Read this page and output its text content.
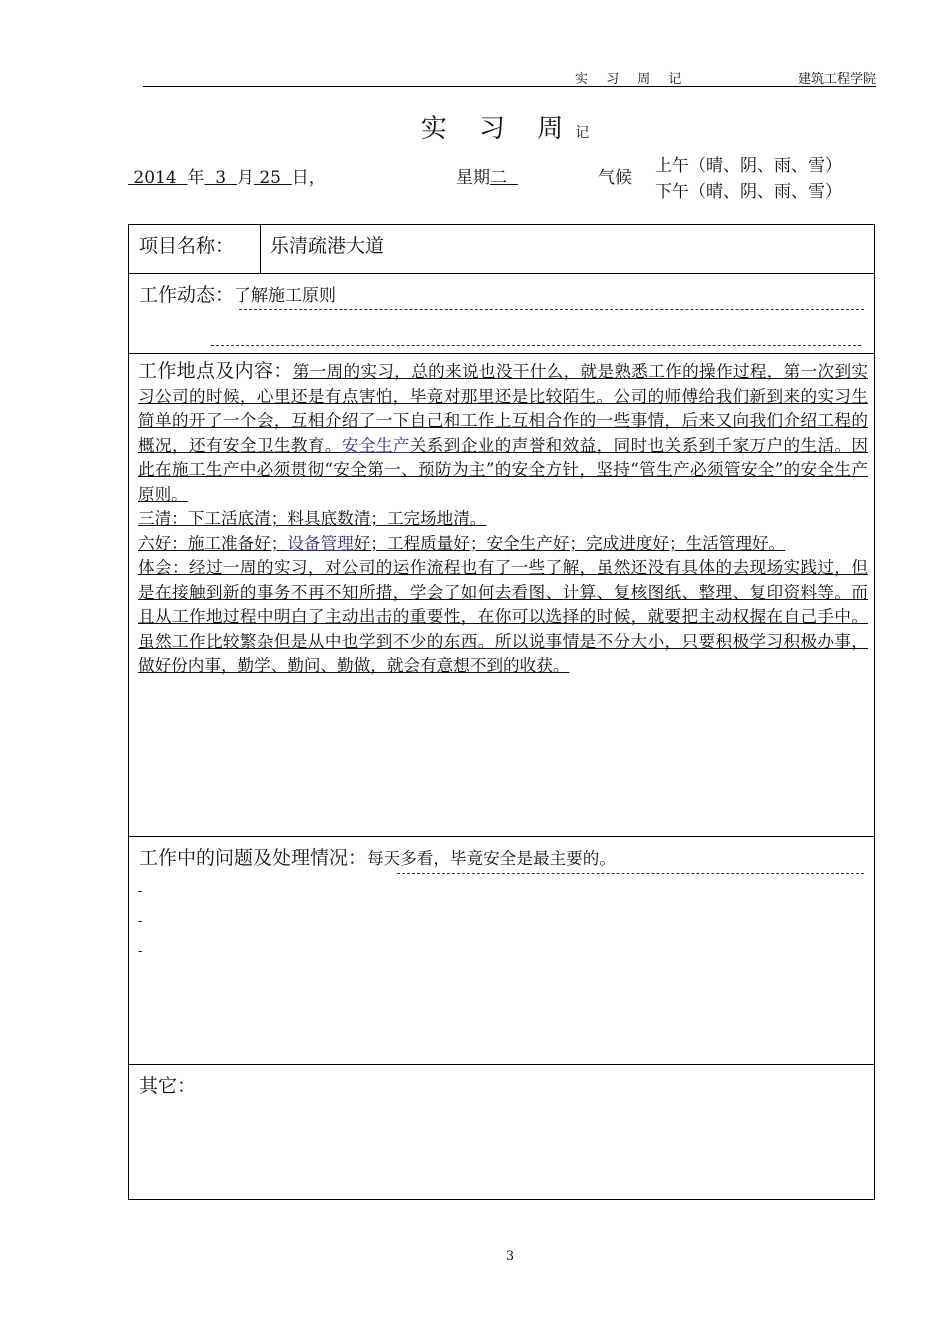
实 习 周 记	建筑工程学院
实 习 周记
2014 年 3 月 25 日，	星期二	气候
上午（晴、阴、雨、雪）
下午（晴、阴、雨、雪）
项目名称： 乐清疏港大道
工作动态：了解施工原则

工作地点及内容：第一周的实习，总的来说也没干什么，就是熟悉工作的操作过程，第一次到实习公司的时候，心里还是有点害怕，毕竟对那里还是比较陌生。公司的师傅给我们新到来的实习生简单的开了一个会，互相介绍了一下自己和工作上互相合作的一些事情，后来又向我们介绍工程的概况，还有安全卫生教育。安全生产关系到企业的声誉和效益，同时也关系到千家万户的生活。因此在施工生产中必须贯彻“安全第一、预防为主”的安全方针，坚持“管生产必须管安全”的安全生产原则。

三清：下工活底清；料具底数清；工完场地清。

六好：施工准备好；设备管理好；工程质量好；安全生产好；完成进度好；生活管理好。

体会：经过一周的实习，对公司的运作流程也有了一些了解，虽然还没有具体的去现场实践过，但是在接触到新的事务不再不知所措，学会了如何去看图、计算、复核图纸、整理、复印资料等。而且从工作地过程中明白了主动出击的重要性，在你可以选择的时候，就要把主动权握在自己手中。虽然工作比较繁杂但是从中也学到不少的东西。所以说事情是不分大小，只要积极学习积极办事，做好份内事，勤学、勤问、勤做，就会有意想不到的收获。

工作中的问题及处理情况：每天多看，毕竟安全是最主要的。
-
-
-
其它：
3
